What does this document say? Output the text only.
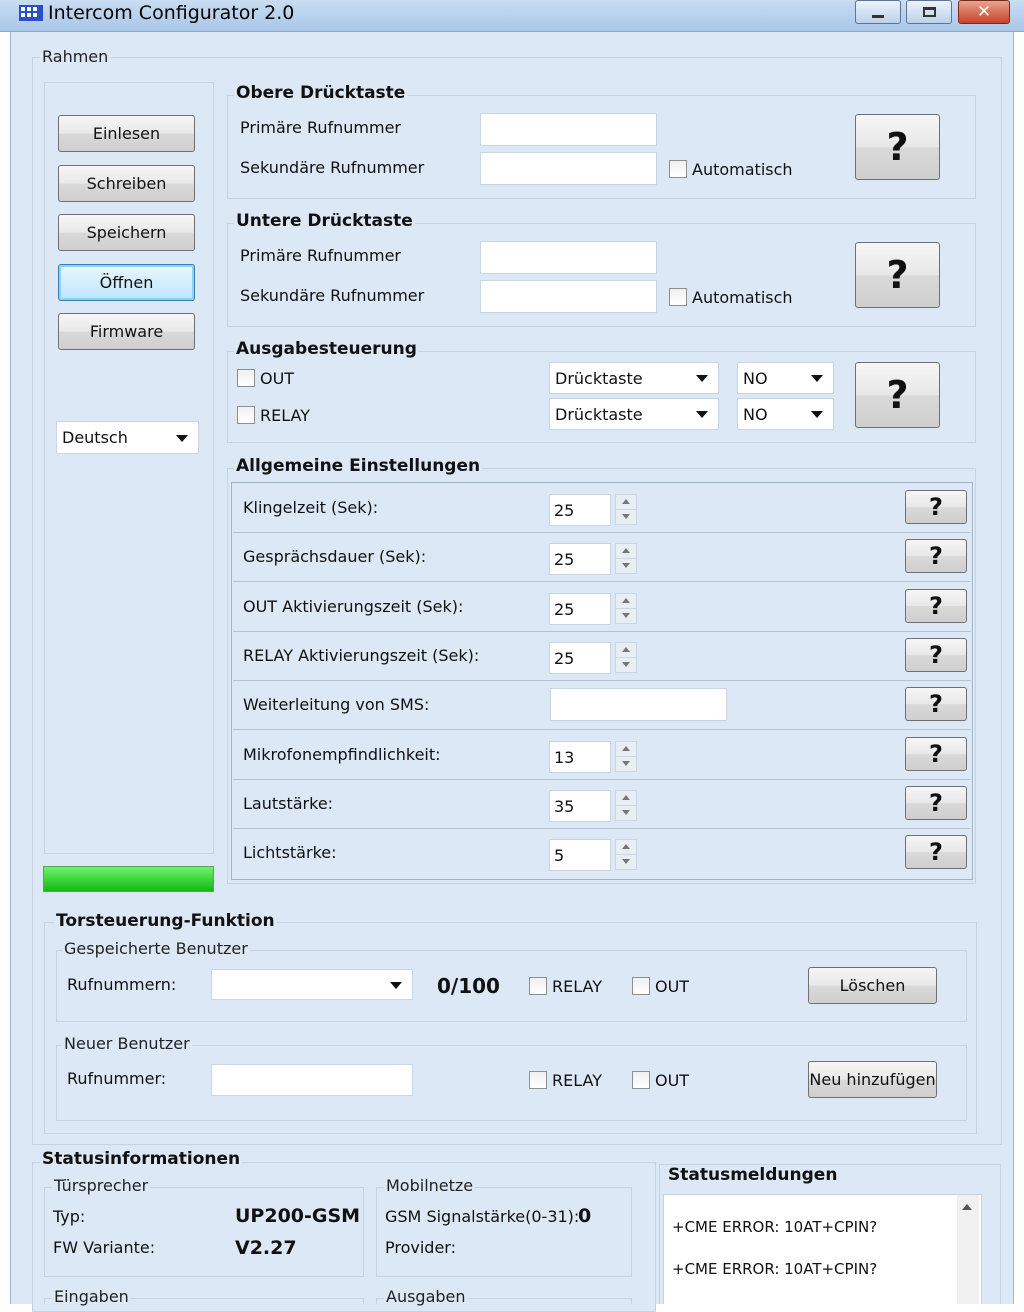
Intercom Configurator 2.0	✕
Rahmen
Einlesen
Schreiben
Speichern
Öffnen
Firmware
Deutsch
Obere Drücktaste
Primäre Rufnummer
Sekundäre Rufnummer	Automatisch
?
Untere Drücktaste
Primäre Rufnummer
Sekundäre Rufnummer	Automatisch
?
Ausgabesteuerung
OUT	Drücktaste	NO
RELAY	Drücktaste	NO	?
Allgemeine Einstellungen
Klingelzeit (Sek):	25	?
Gesprächsdauer (Sek):	25	?
OUT Aktivierungszeit (Sek):	25	?
RELAY Aktivierungszeit (Sek):	25	?
Weiterleitung von SMS:	?
Mikrofonempfindlichkeit:	13	?
Lautstärke:	35	?
Lichtstärke:	5	?
Torsteuerung-Funktion
Gespeicherte Benutzer
Rufnummern:	0/100	RELAY	OUT	Löschen
Neuer Benutzer
Rufnummer:	RELAY	OUT	Neu hinzufügen
Statusinformationen
Türsprecher
Typ:	UP200-GSM
FW Variante:	V2.27
Mobilnetze
GSM Signalstärke(0-31):
0
Provider:
Eingaben	Ausgaben
Statusmeldungen
+CME ERROR: 10AT+CPIN?
+CME ERROR: 10AT+CPIN?
